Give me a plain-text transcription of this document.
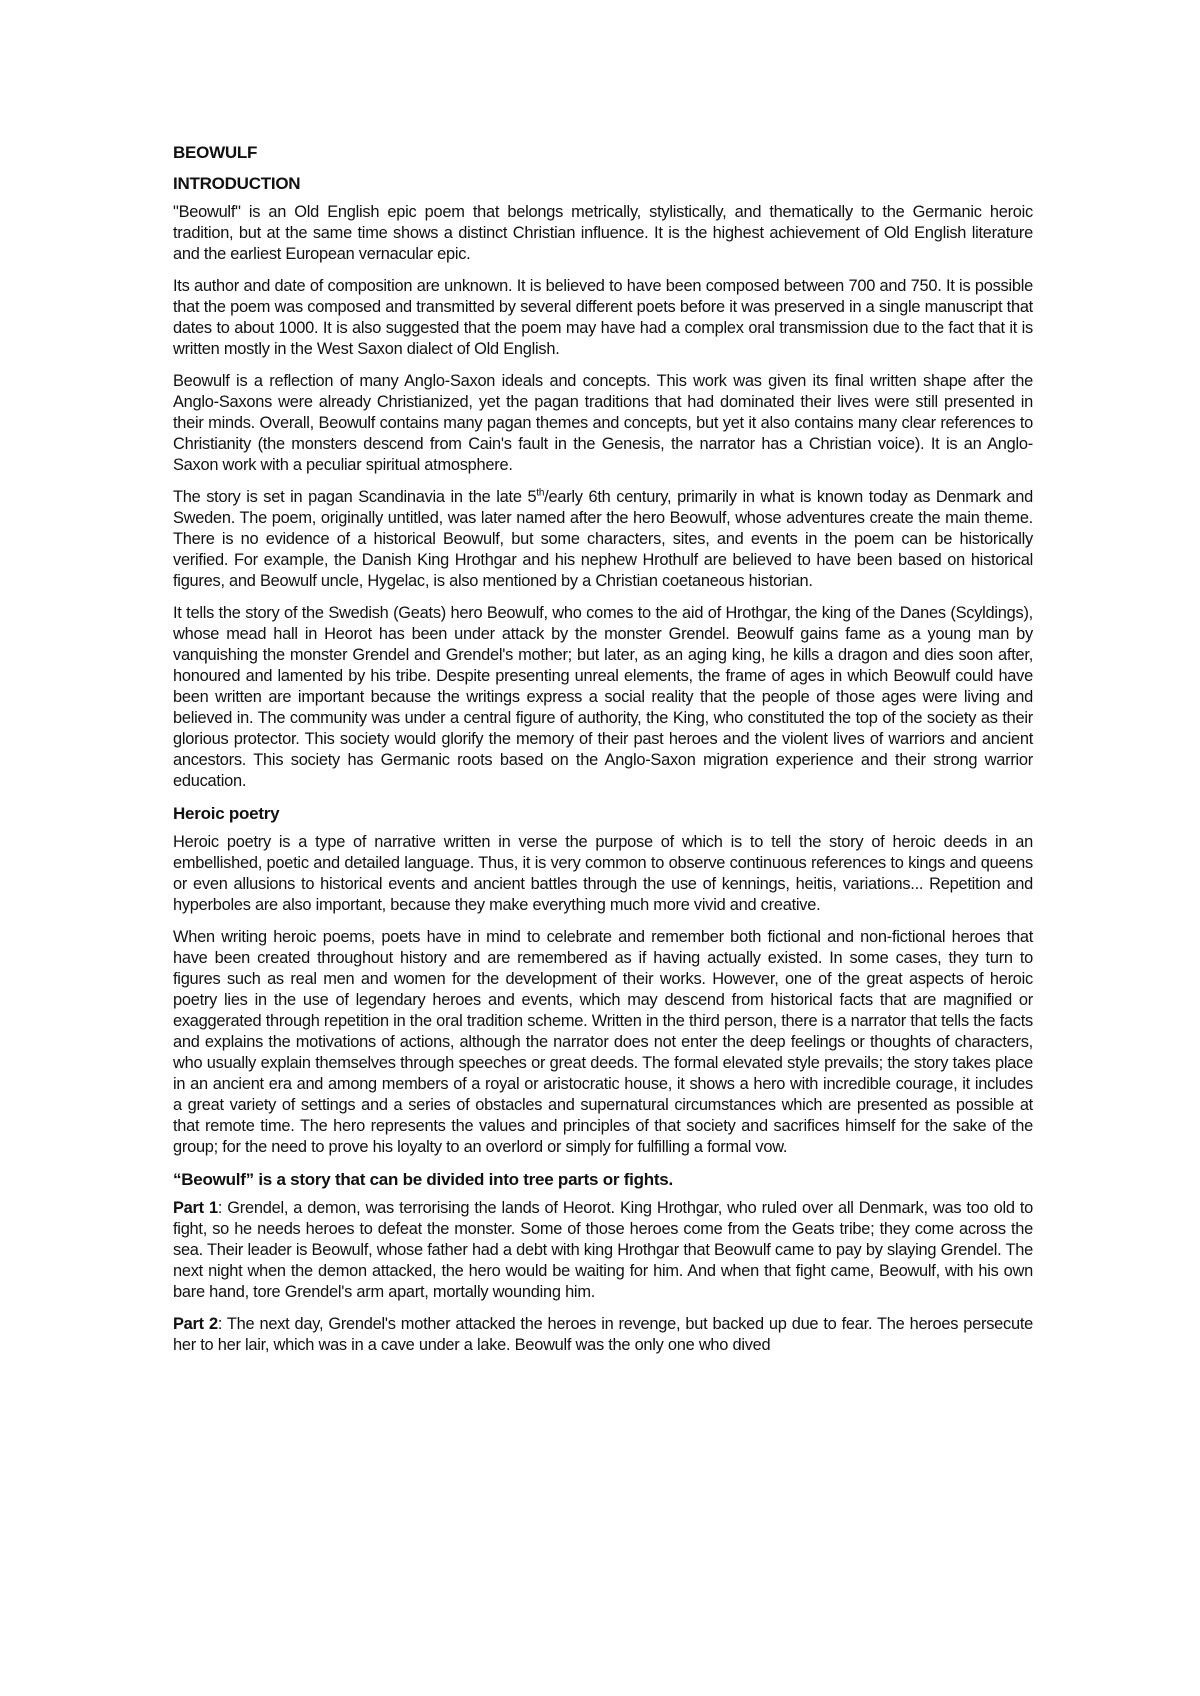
BEOWULF
INTRODUCTION

"Beowulf" is an Old English epic poem that belongs metrically, stylistically, and thematically to the Germanic heroic tradition, but at the same time shows a distinct Christian influence. It is the highest achievement of Old English literature and the earliest European vernacular epic.

Its author and date of composition are unknown. It is believed to have been composed between 700 and 750. It is possible that the poem was composed and transmitted by several different poets before it was preserved in a single manuscript that dates to about 1000. It is also suggested that the poem may have had a complex oral transmission due to the fact that it is written mostly in the West Saxon dialect of Old English.

Beowulf is a reflection of many Anglo-Saxon ideals and concepts. This work was given its final written shape after the Anglo-Saxons were already Christianized, yet the pagan traditions that had dominated their lives were still presented in their minds. Overall, Beowulf contains many pagan themes and concepts, but yet it also contains many clear references to Christianity (the monsters descend from Cain's fault in the Genesis, the narrator has a Christian voice). It is an Anglo-Saxon work with a peculiar spiritual atmosphere.

The story is set in pagan Scandinavia in the late 5th/early 6th century, primarily in what is known today as Denmark and Sweden. The poem, originally untitled, was later named after the hero Beowulf, whose adventures create the main theme. There is no evidence of a historical Beowulf, but some characters, sites, and events in the poem can be historically verified. For example, the Danish King Hrothgar and his nephew Hrothulf are believed to have been based on historical figures, and Beowulf uncle, Hygelac, is also mentioned by a Christian coetaneous historian.

It tells the story of the Swedish (Geats) hero Beowulf, who comes to the aid of Hrothgar, the king of the Danes (Scyldings), whose mead hall in Heorot has been under attack by the monster Grendel. Beowulf gains fame as a young man by vanquishing the monster Grendel and Grendel's mother; but later, as an aging king, he kills a dragon and dies soon after, honoured and lamented by his tribe. Despite presenting unreal elements, the frame of ages in which Beowulf could have been written are important because the writings express a social reality that the people of those ages were living and believed in. The community was under a central figure of authority, the King, who constituted the top of the society as their glorious protector. This society would glorify the memory of their past heroes and the violent lives of warriors and ancient ancestors. This society has Germanic roots based on the Anglo-Saxon migration experience and their strong warrior education.

Heroic poetry

Heroic poetry is a type of narrative written in verse the purpose of which is to tell the story of heroic deeds in an embellished, poetic and detailed language. Thus, it is very common to observe continuous references to kings and queens or even allusions to historical events and ancient battles through the use of kennings, heitis, variations... Repetition and hyperboles are also important, because they make everything much more vivid and creative.

When writing heroic poems, poets have in mind to celebrate and remember both fictional and non-fictional heroes that have been created throughout history and are remembered as if having actually existed. In some cases, they turn to figures such as real men and women for the development of their works. However, one of the great aspects of heroic poetry lies in the use of legendary heroes and events, which may descend from historical facts that are magnified or exaggerated through repetition in the oral tradition scheme. Written in the third person, there is a narrator that tells the facts and explains the motivations of actions, although the narrator does not enter the deep feelings or thoughts of characters, who usually explain themselves through speeches or great deeds. The formal elevated style prevails; the story takes place in an ancient era and among members of a royal or aristocratic house, it shows a hero with incredible courage, it includes a great variety of settings and a series of obstacles and supernatural circumstances which are presented as possible at that remote time. The hero represents the values and principles of that society and sacrifices himself for the sake of the group; for the need to prove his loyalty to an overlord or simply for fulfilling a formal vow.

“Beowulf” is a story that can be divided into tree parts or fights.

Part 1: Grendel, a demon, was terrorising the lands of Heorot. King Hrothgar, who ruled over all Denmark, was too old to fight, so he needs heroes to defeat the monster. Some of those heroes come from the Geats tribe; they come across the sea. Their leader is Beowulf, whose father had a debt with king Hrothgar that Beowulf came to pay by slaying Grendel. The next night when the demon attacked, the hero would be waiting for him. And when that fight came, Beowulf, with his own bare hand, tore Grendel's arm apart, mortally wounding him.

Part 2: The next day, Grendel's mother attacked the heroes in revenge, but backed up due to fear. The heroes persecute her to her lair, which was in a cave under a lake. Beowulf was the only one who dived
